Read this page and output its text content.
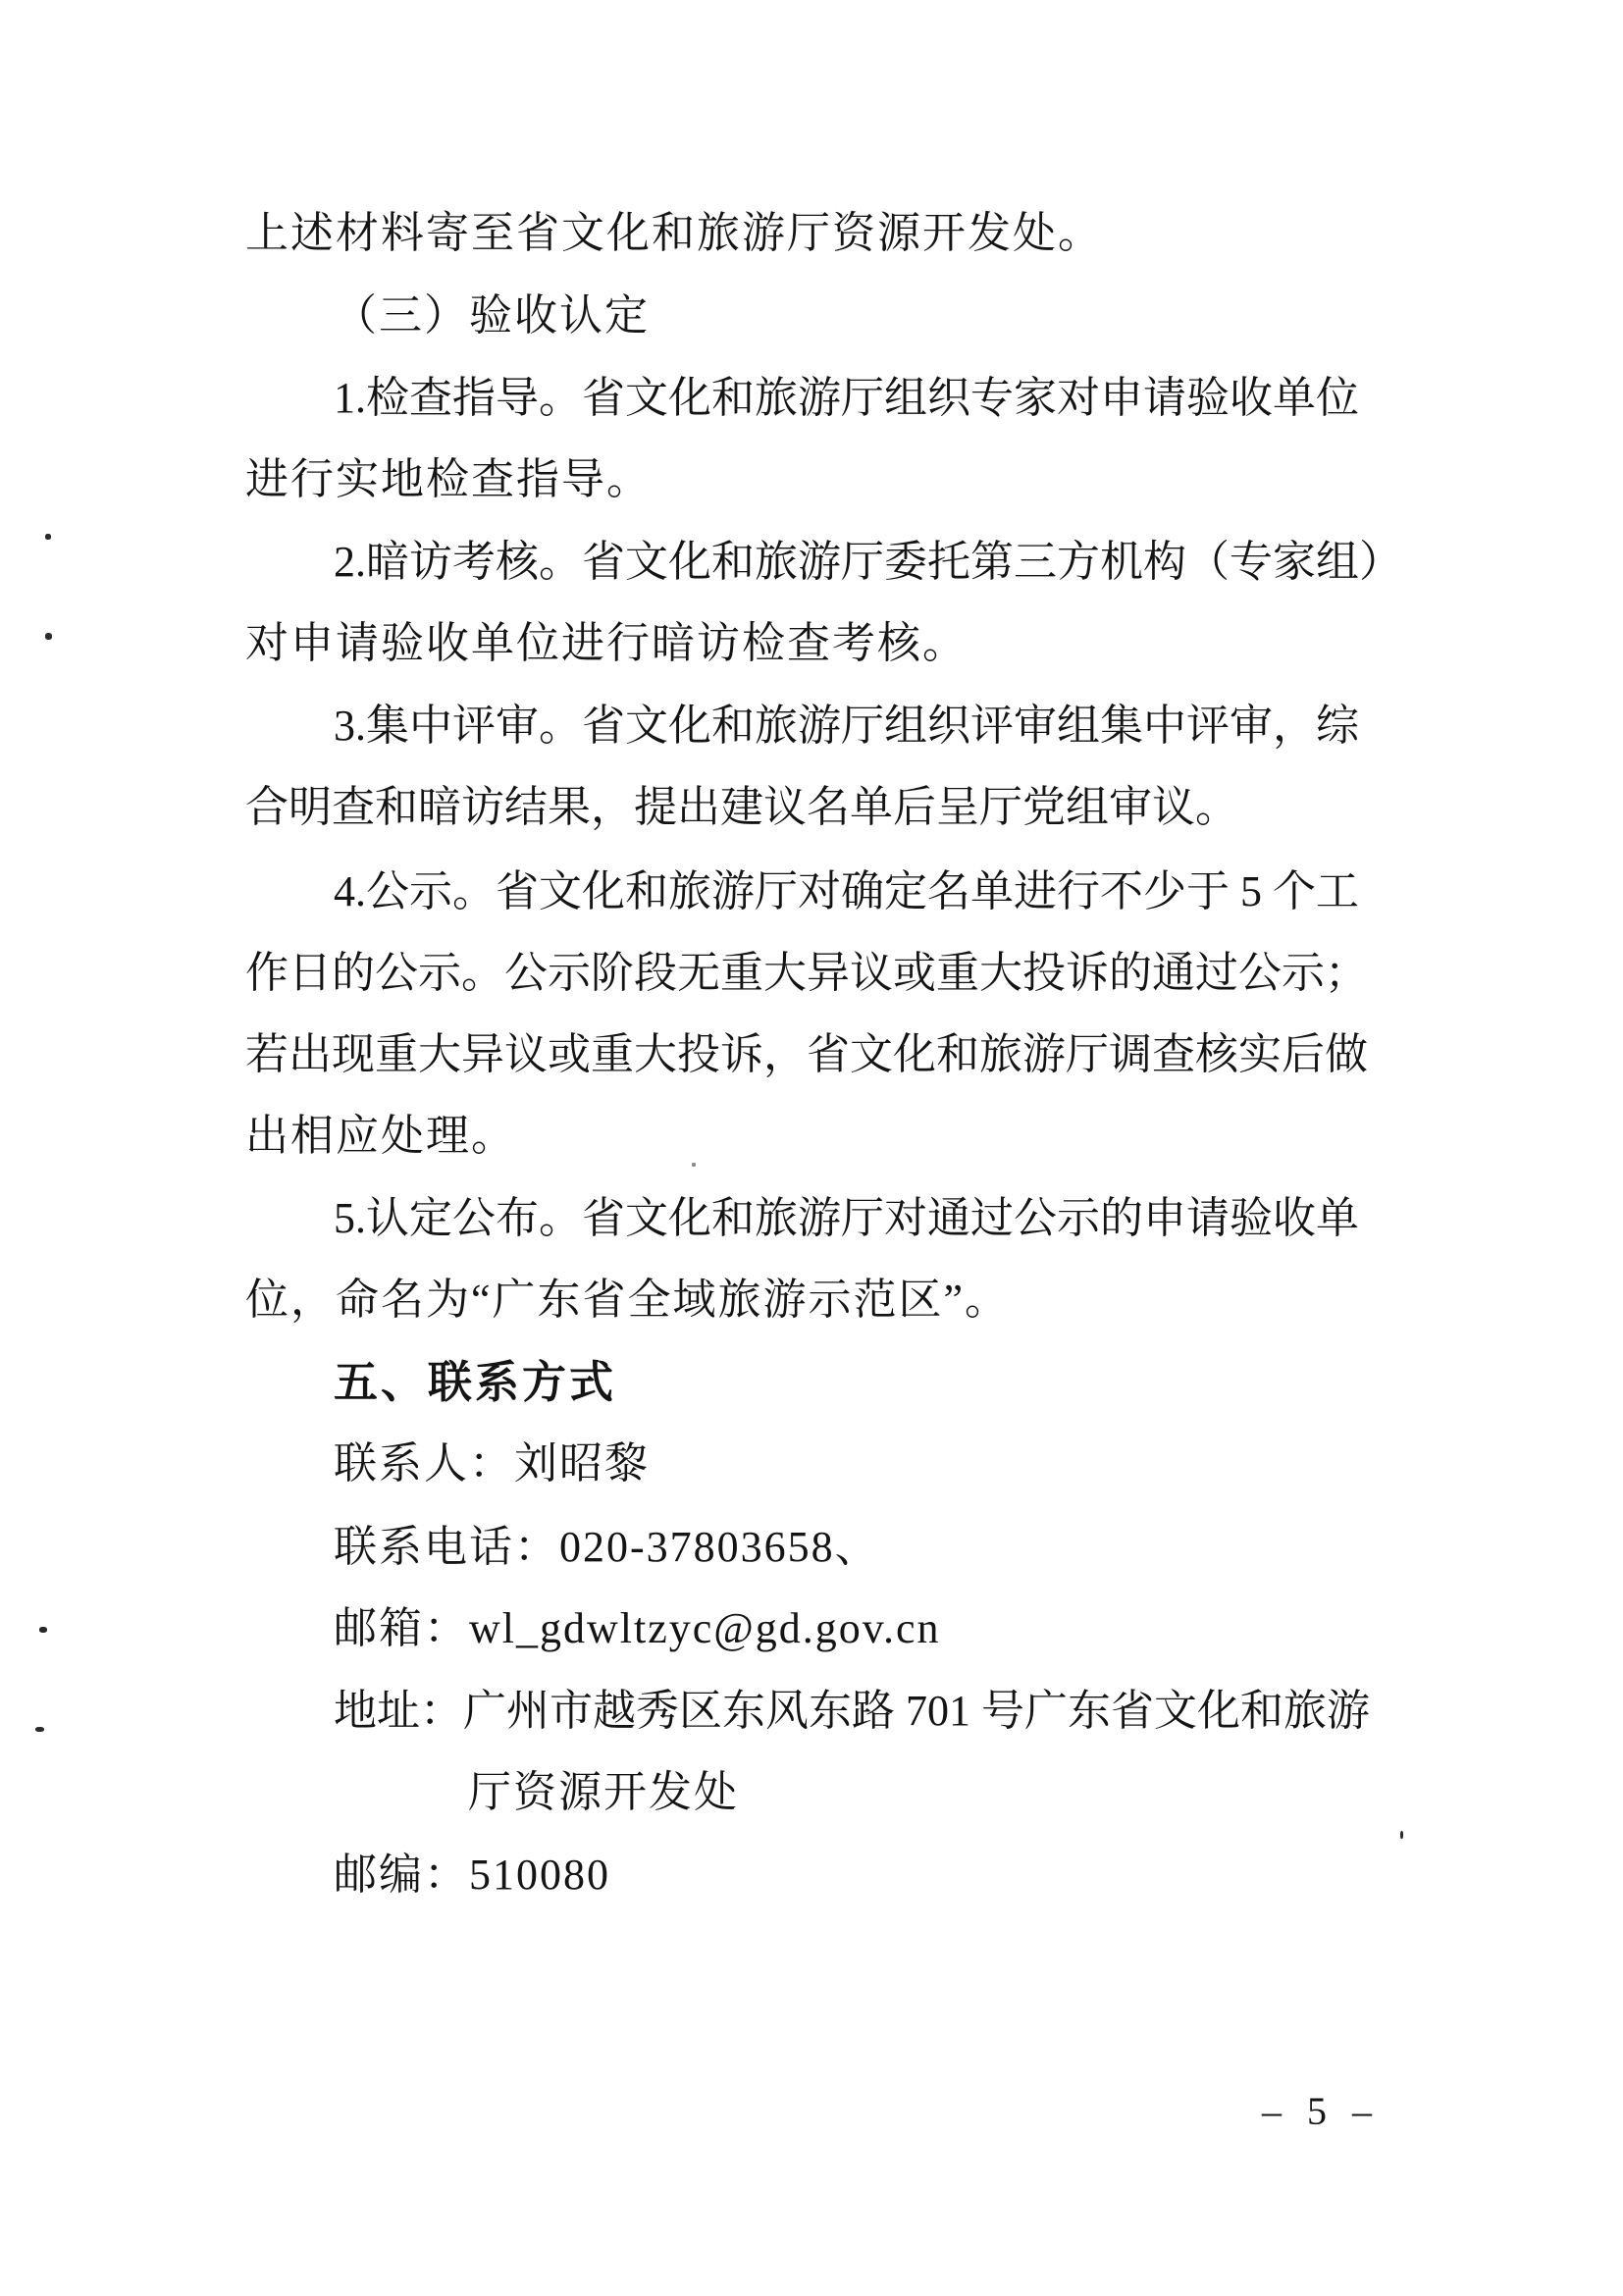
上述材料寄至省文化和旅游厅资源开发处。
（三）验收认定
1.检查指导。省文化和旅游厅组织专家对申请验收单位
进行实地检查指导。
2.暗访考核。省文化和旅游厅委托第三方机构（专家组）
对申请验收单位进行暗访检查考核。
3.集中评审。省文化和旅游厅组织评审组集中评审，综
合明查和暗访结果，提出建议名单后呈厅党组审议。
4.公示。省文化和旅游厅对确定名单进行不少于 5 个工
作日的公示。公示阶段无重大异议或重大投诉的通过公示；
若出现重大异议或重大投诉，省文化和旅游厅调查核实后做
出相应处理。
5.认定公布。省文化和旅游厅对通过公示的申请验收单
位，命名为“广东省全域旅游示范区”。
五、联系方式
联系人：刘昭黎
联系电话：020-37803658、
邮箱：wl_gdwltzyc@gd.gov.cn
地址：广州市越秀区东风东路 701 号广东省文化和旅游
厅资源开发处
邮编：510080
– 5 –
